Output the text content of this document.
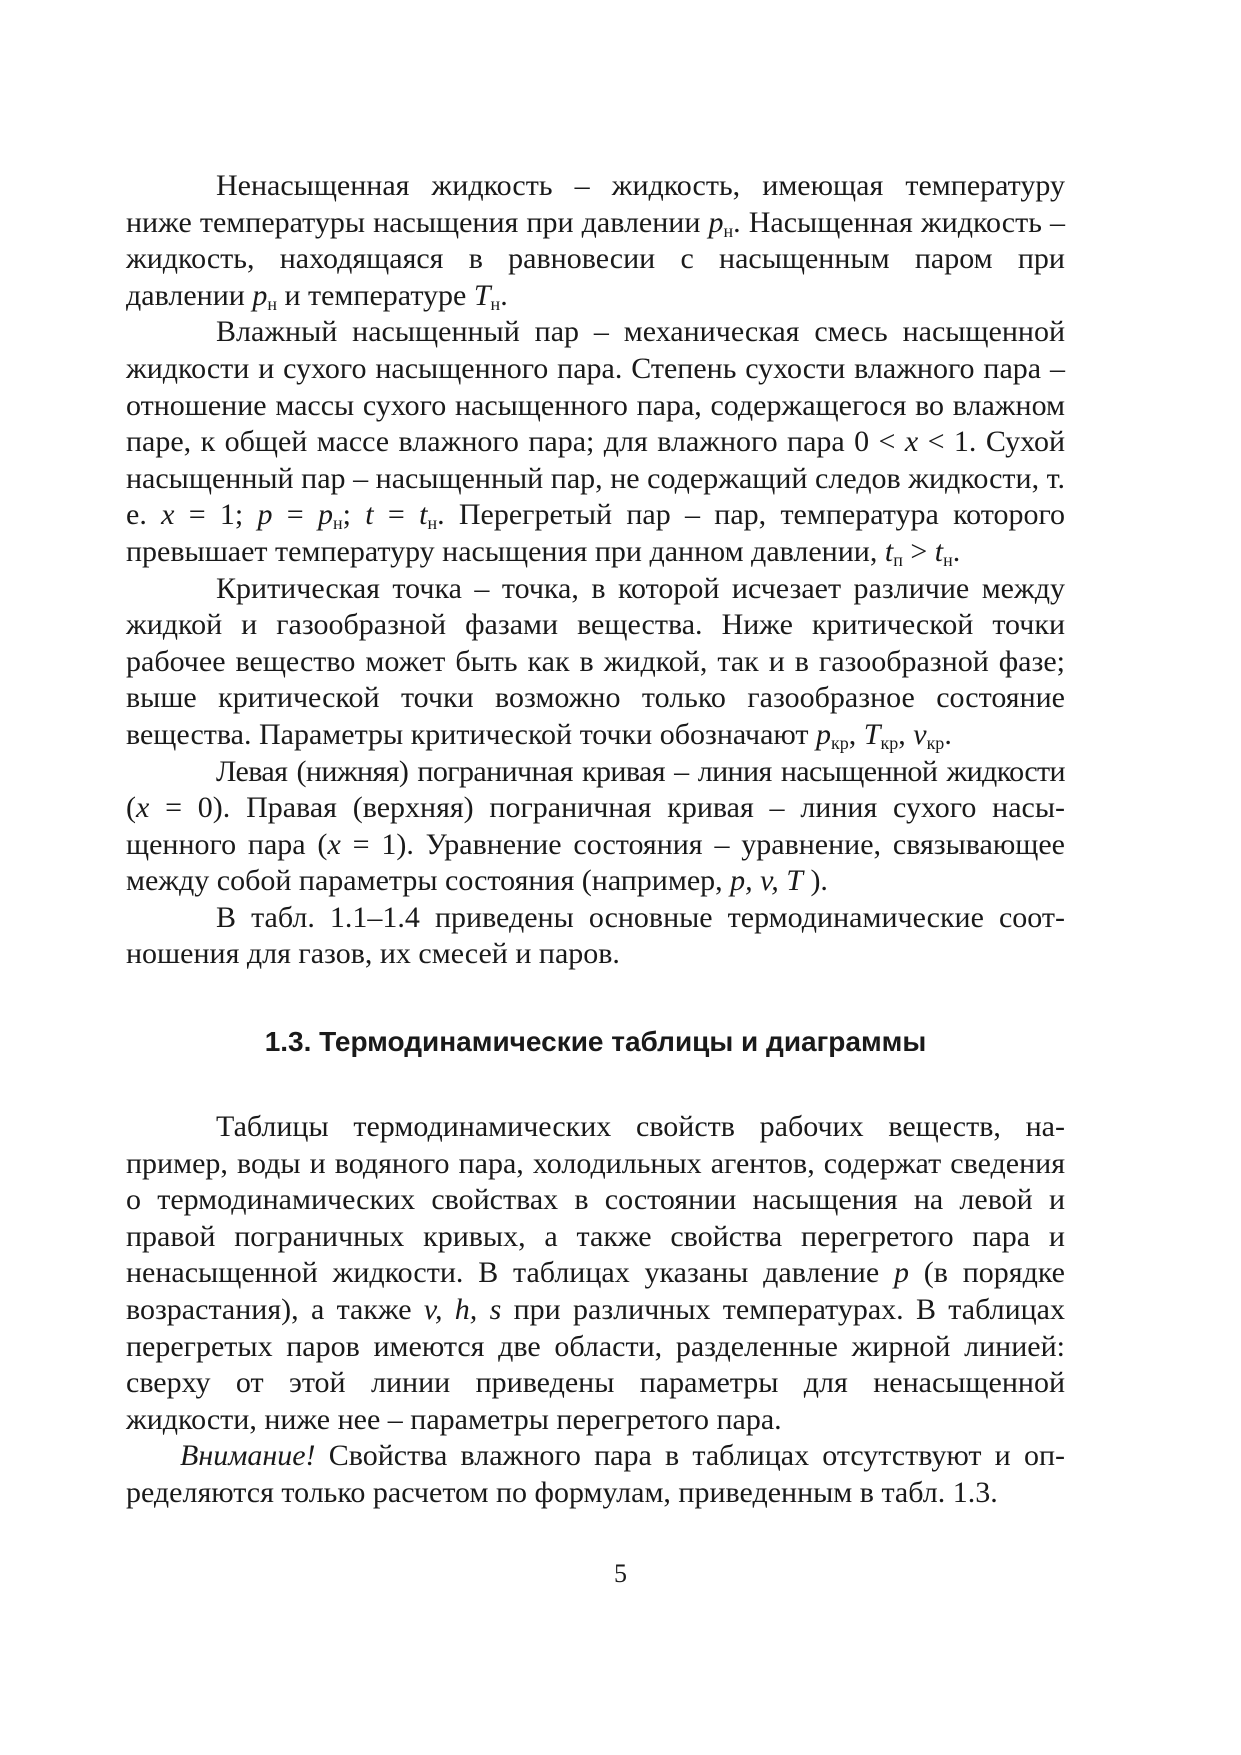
Ненасыщенная жидкость – жидкость, имеющая температуру ниже температуры насыщения при давлении $p_н$. Насыщенная жидкость – жидкость, находящаяся в равновесии с насыщенным паром при давлении $p_н$ и температуре $T_н$.

Влажный насыщенный пар – механическая смесь насыщенной жидкости и сухого насыщенного пара. Степень сухости влажного пара – отношение массы сухого насыщенного пара, содержащегося во влажном паре, к общей массе влажного пара; для влажного пара 0 < x < 1. Сухой насыщенный пар – насыщенный пар, не содержащий следов жидкости, т. е. x = 1; $p = p_н$; $t = t_н$. Перегретый пар – пар, температура которого превышает температуру насыщения при данном давлении, $t_п > t_н$.

Критическая точка – точка, в которой исчезает различие между жидкой и газообразной фазами вещества. Ниже критической точки рабочее вещество может быть как в жидкой, так и в газообразной фазе; выше критической точки возможно только газообразное состояние вещества. Параметры критической точки обозначают $p_{кр}$, $T_{кр}$, $v_{кр}$.

Левая (нижняя) пограничная кривая – линия насыщенной жидкости (x = 0). Правая (верхняя) пограничная кривая – линия сухого насыщенного пара (x = 1). Уравнение состояния – уравнение, связывающее между собой параметры состояния (например, p, v, T ).

В табл. 1.1–1.4 приведены основные термодинамические соотношения для газов, их смесей и паров.

1.3. Термодинамические таблицы и диаграммы

Таблицы термодинамических свойств рабочих веществ, например, воды и водяного пара, холодильных агентов, содержат сведения о термодинамических свойствах в состоянии насыщения на левой и правой пограничных кривых, а также свойства перегретого пара и ненасыщенной жидкости. В таблицах указаны давление p (в порядке возрастания), а также v, h, s при различных температурах. В таблицах перегретых паров имеются две области, разделенные жирной линией: сверху от этой линии приведены параметры для ненасыщенной жидкости, ниже нее – параметры перегретого пара.

Внимание! Свойства влажного пара в таблицах отсутствуют и определяются только расчетом по формулам, приведенным в табл. 1.3.

5
